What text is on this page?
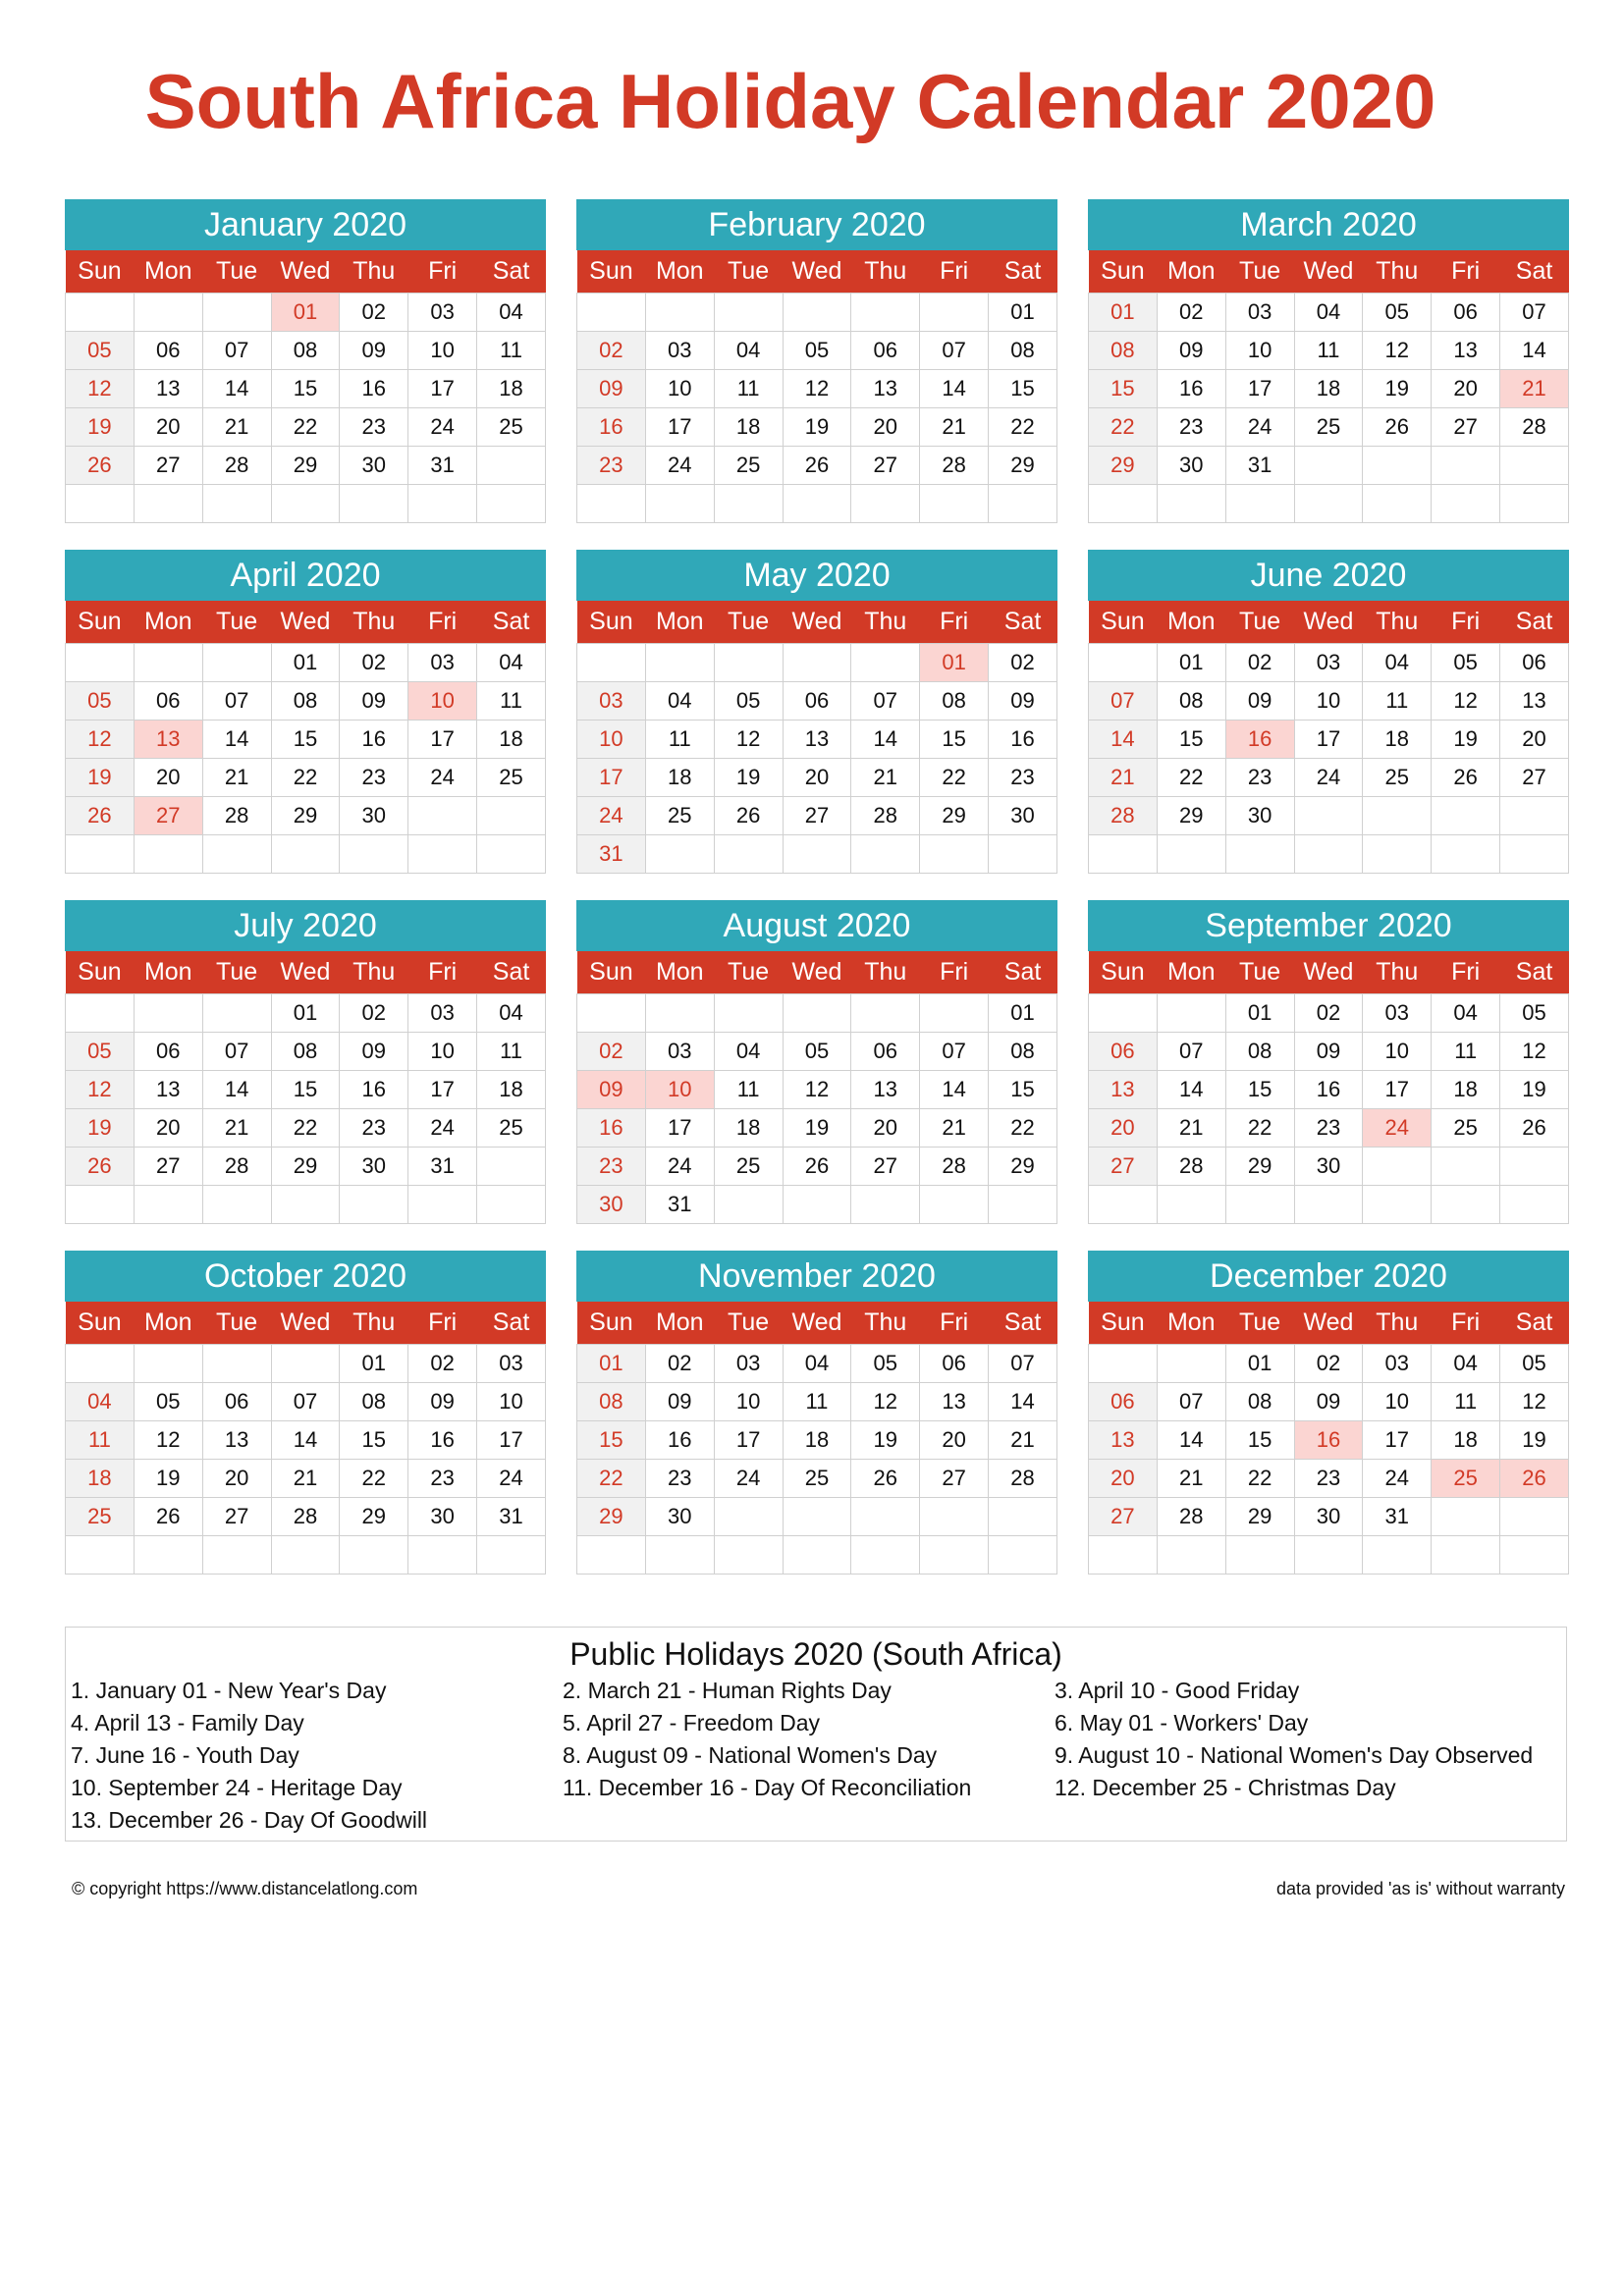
South Africa Holiday Calendar 2020
January 2020
Sun	Mon	Tue	Wed	Thu	Fri	Sat
			01	02	03	04
05	06	07	08	09	10	11
12	13	14	15	16	17	18
19	20	21	22	23	24	25
26	27	28	29	30	31	

February 2020
Sun	Mon	Tue	Wed	Thu	Fri	Sat
						01
02	03	04	05	06	07	08
09	10	11	12	13	14	15
16	17	18	19	20	21	22
23	24	25	26	27	28	29

March 2020
Sun	Mon	Tue	Wed	Thu	Fri	Sat
01	02	03	04	05	06	07
08	09	10	11	12	13	14
15	16	17	18	19	20	21
22	23	24	25	26	27	28
29	30	31				

April 2020
Sun	Mon	Tue	Wed	Thu	Fri	Sat
			01	02	03	04
05	06	07	08	09	10	11
12	13	14	15	16	17	18
19	20	21	22	23	24	25
26	27	28	29	30		

May 2020
Sun	Mon	Tue	Wed	Thu	Fri	Sat
					01	02
03	04	05	06	07	08	09
10	11	12	13	14	15	16
17	18	19	20	21	22	23
24	25	26	27	28	29	30
31						
June 2020
Sun	Mon	Tue	Wed	Thu	Fri	Sat
	01	02	03	04	05	06
07	08	09	10	11	12	13
14	15	16	17	18	19	20
21	22	23	24	25	26	27
28	29	30				

July 2020
Sun	Mon	Tue	Wed	Thu	Fri	Sat
			01	02	03	04
05	06	07	08	09	10	11
12	13	14	15	16	17	18
19	20	21	22	23	24	25
26	27	28	29	30	31	

August 2020
Sun	Mon	Tue	Wed	Thu	Fri	Sat
						01
02	03	04	05	06	07	08
09	10	11	12	13	14	15
16	17	18	19	20	21	22
23	24	25	26	27	28	29
30	31					
September 2020
Sun	Mon	Tue	Wed	Thu	Fri	Sat
		01	02	03	04	05
06	07	08	09	10	11	12
13	14	15	16	17	18	19
20	21	22	23	24	25	26
27	28	29	30			

October 2020
Sun	Mon	Tue	Wed	Thu	Fri	Sat
				01	02	03
04	05	06	07	08	09	10
11	12	13	14	15	16	17
18	19	20	21	22	23	24
25	26	27	28	29	30	31

November 2020
Sun	Mon	Tue	Wed	Thu	Fri	Sat
01	02	03	04	05	06	07
08	09	10	11	12	13	14
15	16	17	18	19	20	21
22	23	24	25	26	27	28
29	30					

December 2020
Sun	Mon	Tue	Wed	Thu	Fri	Sat
		01	02	03	04	05
06	07	08	09	10	11	12
13	14	15	16	17	18	19
20	21	22	23	24	25	26
27	28	29	30	31		

Public Holidays 2020 (South Africa)
1. January 01 - New Year's Day	2. March 21 - Human Rights Day	3. April 10 - Good Friday
4. April 13 - Family Day	5. April 27 - Freedom Day	6. May 01 - Workers' Day
7. June 16 - Youth Day	8. August 09 - National Women's Day	9. August 10 - National Women's Day Observed
10. September 24 - Heritage Day	11. December 16 - Day Of Reconciliation	12. December 25 - Christmas Day
13. December 26 - Day Of Goodwill
© copyright https://www.distancelatlong.com	data provided 'as is' without warranty
